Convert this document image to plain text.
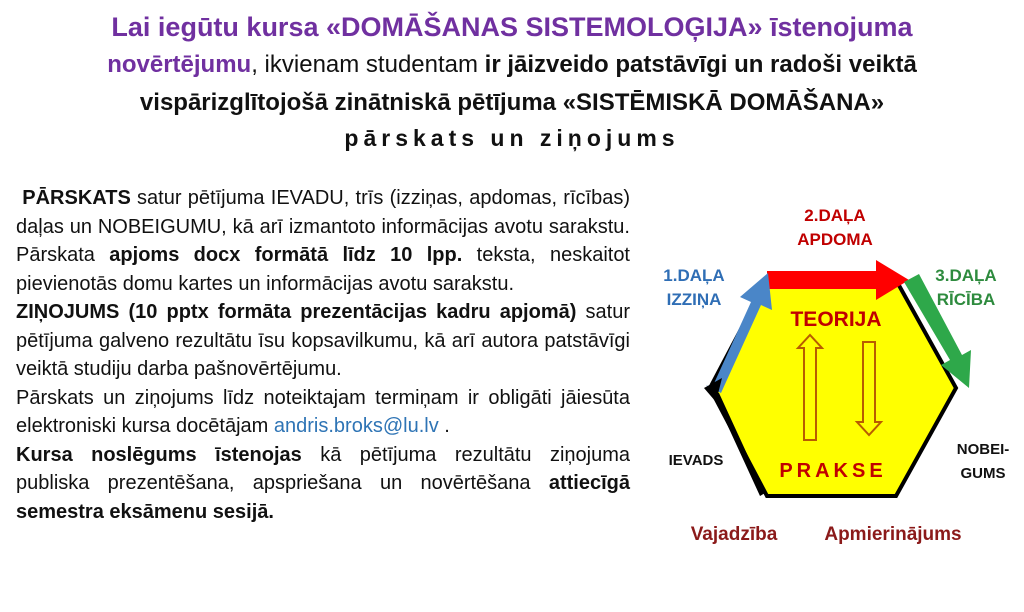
Lai iegūtu kursa «DOMĀŠANAS SISTEMOLOĢIJA» īstenojuma
novērtējumu, ikvienam studentam ir jāizveido patstāvīgi un radoši veiktā
vispārizglītojošā zinātniskā pētījuma «SISTĒMISKĀ DOMĀŠANA»
pārskats un ziņojums

PĀRSKATS satur pētījuma IEVADU, trīs (izziņas, apdomas, rīcības) daļas un NOBEIGUMU, kā arī izmantoto informācijas avotu sarakstu. Pārskata apjoms docx formātā līdz 10 lpp. teksta, neskaitot pievienotās domu kartes un informācijas avotu sarakstu.

ZIŅOJUMS (10 pptx formāta prezentācijas kadru apjomā) satur pētījuma galveno rezultātu īsu kopsavilkumu, kā arī autora patstāvīgi veiktā studiju darba pašnovērtējumu.

Pārskats un ziņojums līdz noteiktajam termiņam ir obligāti jāiesūta elektroniski kursa docētājam andris.broks@lu.lv .

Kursa noslēgums īstenojas kā pētījuma rezultātu ziņojuma publiska prezentēšana, apspriešana un novērtēšana attiecīgā semestra eksāmenu sesijā.

2.DAĻA
APDOMA
1.DAĻA
IZZIŅA
3.DAĻA
RĪCĪBA
TEORIJA
PRAKSE
IEVADS
NOBEI-
GUMS
Vajadzība	Apmierinājums
